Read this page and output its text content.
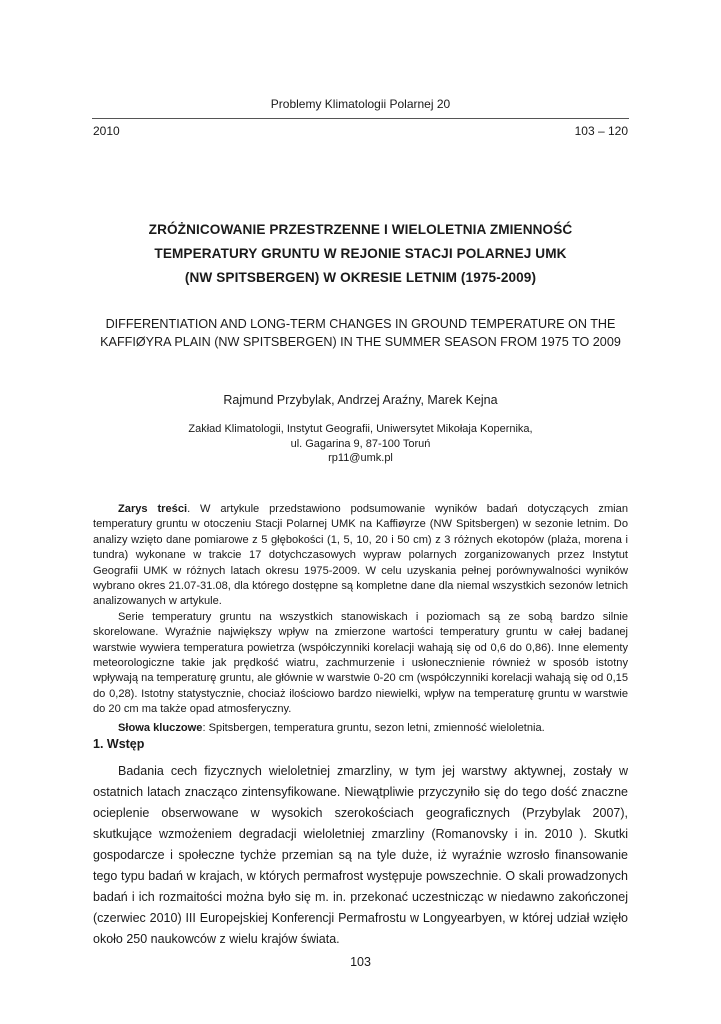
Problemy Klimatologii Polarnej 20
2010	103 – 120
ZRÓŻNICOWANIE PRZESTRZENNE I WIELOLETNIA ZMIENNOŚĆ
TEMPERATURY GRUNTU W REJONIE STACJI POLARNEJ UMK
(NW SPITSBERGEN) W OKRESIE LETNIM (1975-2009)
DIFFERENTIATION AND LONG-TERM CHANGES IN GROUND TEMPERATURE ON THE
KAFFIØYRA PLAIN (NW SPITSBERGEN) IN THE SUMMER SEASON FROM 1975 TO 2009
Rajmund Przybylak, Andrzej Araźny, Marek Kejna
Zakład Klimatologii, Instytut Geografii, Uniwersytet Mikołaja Kopernika,
ul. Gagarina 9, 87-100 Toruń
rp11@umk.pl

Zarys treści. W artykule przedstawiono podsumowanie wyników badań dotyczących zmian temperatury gruntu w otoczeniu Stacji Polarnej UMK na Kaffiøyrze (NW Spitsbergen) w sezonie letnim. Do analizy wzięto dane pomiarowe z 5 głębokości (1, 5, 10, 20 i 50 cm) z 3 różnych ekotopów (plaża, morena i tundra) wykonane w trakcie 17 dotychczasowych wypraw polarnych zorganizowanych przez Instytut Geografii UMK w różnych latach okresu 1975-2009. W celu uzyskania pełnej porównywalności wyników wybrano okres 21.07-31.08, dla którego dostępne są kompletne dane dla niemal wszystkich sezonów letnich analizowanych w artykule.

Serie temperatury gruntu na wszystkich stanowiskach i poziomach są ze sobą bardzo silnie skorelowane. Wyraźnie największy wpływ na zmierzone wartości temperatury gruntu w całej badanej warstwie wywiera temperatura powietrza (współczynniki korelacji wahają się od 0,6 do 0,86). Inne elementy meteorologiczne takie jak prędkość wiatru, zachmurzenie i usłonecznienie również w sposób istotny wpływają na temperaturę gruntu, ale głównie w warstwie 0-20 cm (współczynniki korelacji wahają się od 0,15 do 0,28). Istotny statystycznie, chociaż ilościowo bardzo niewielki, wpływ na temperaturę gruntu w warstwie do 20 cm ma także opad atmosferyczny.

Słowa kluczowe: Spitsbergen, temperatura gruntu, sezon letni, zmienność wieloletnia.

1. Wstęp

Badania cech fizycznych wieloletniej zmarzliny, w tym jej warstwy aktywnej, zostały w ostatnich latach znacząco zintensyfikowane. Niewątpliwie przyczyniło się do tego dość znaczne ocieplenie obserwowane w wysokich szerokościach geograficznych (Przybylak 2007), skutkujące wzmożeniem degradacji wieloletniej zmarzliny (Romanovsky i in. 2010 ). Skutki gospodarcze i społeczne tychże przemian są na tyle duże, iż wyraźnie wzrosło finansowanie tego typu badań w krajach, w których permafrost występuje powszechnie. O skali prowadzonych badań i ich rozmaitości można było się m. in. przekonać uczestnicząc w niedawno zakończonej (czerwiec 2010) III Europejskiej Konferencji Permafrostu w Longyearbyen, w której udział wzięło około 250 naukowców z wielu krajów świata.

103
